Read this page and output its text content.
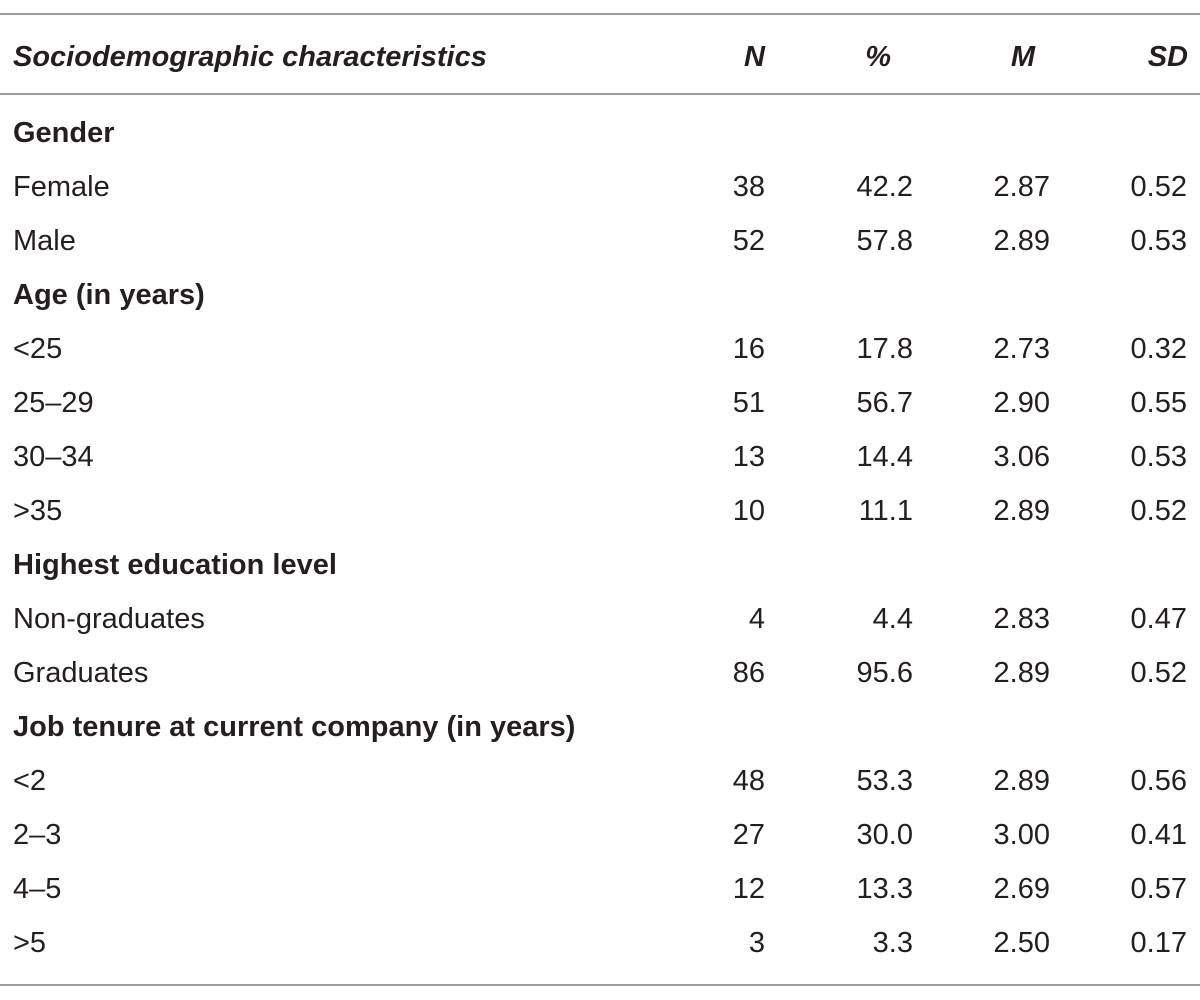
Sociodemographic characteristics	N	%	M	SD
Gender				
Female	38	42.2	2.87	0.52
Male	52	57.8	2.89	0.53
Age (in years)				
<25	16	17.8	2.73	0.32
25–29	51	56.7	2.90	0.55
30–34	13	14.4	3.06	0.53
>35	10	11.1	2.89	0.52
Highest education level				
Non-graduates	4	4.4	2.83	0.47
Graduates	86	95.6	2.89	0.52
Job tenure at current company (in years)				
<2	48	53.3	2.89	0.56
2–3	27	30.0	3.00	0.41
4–5	12	13.3	2.69	0.57
>5	3	3.3	2.50	0.17
